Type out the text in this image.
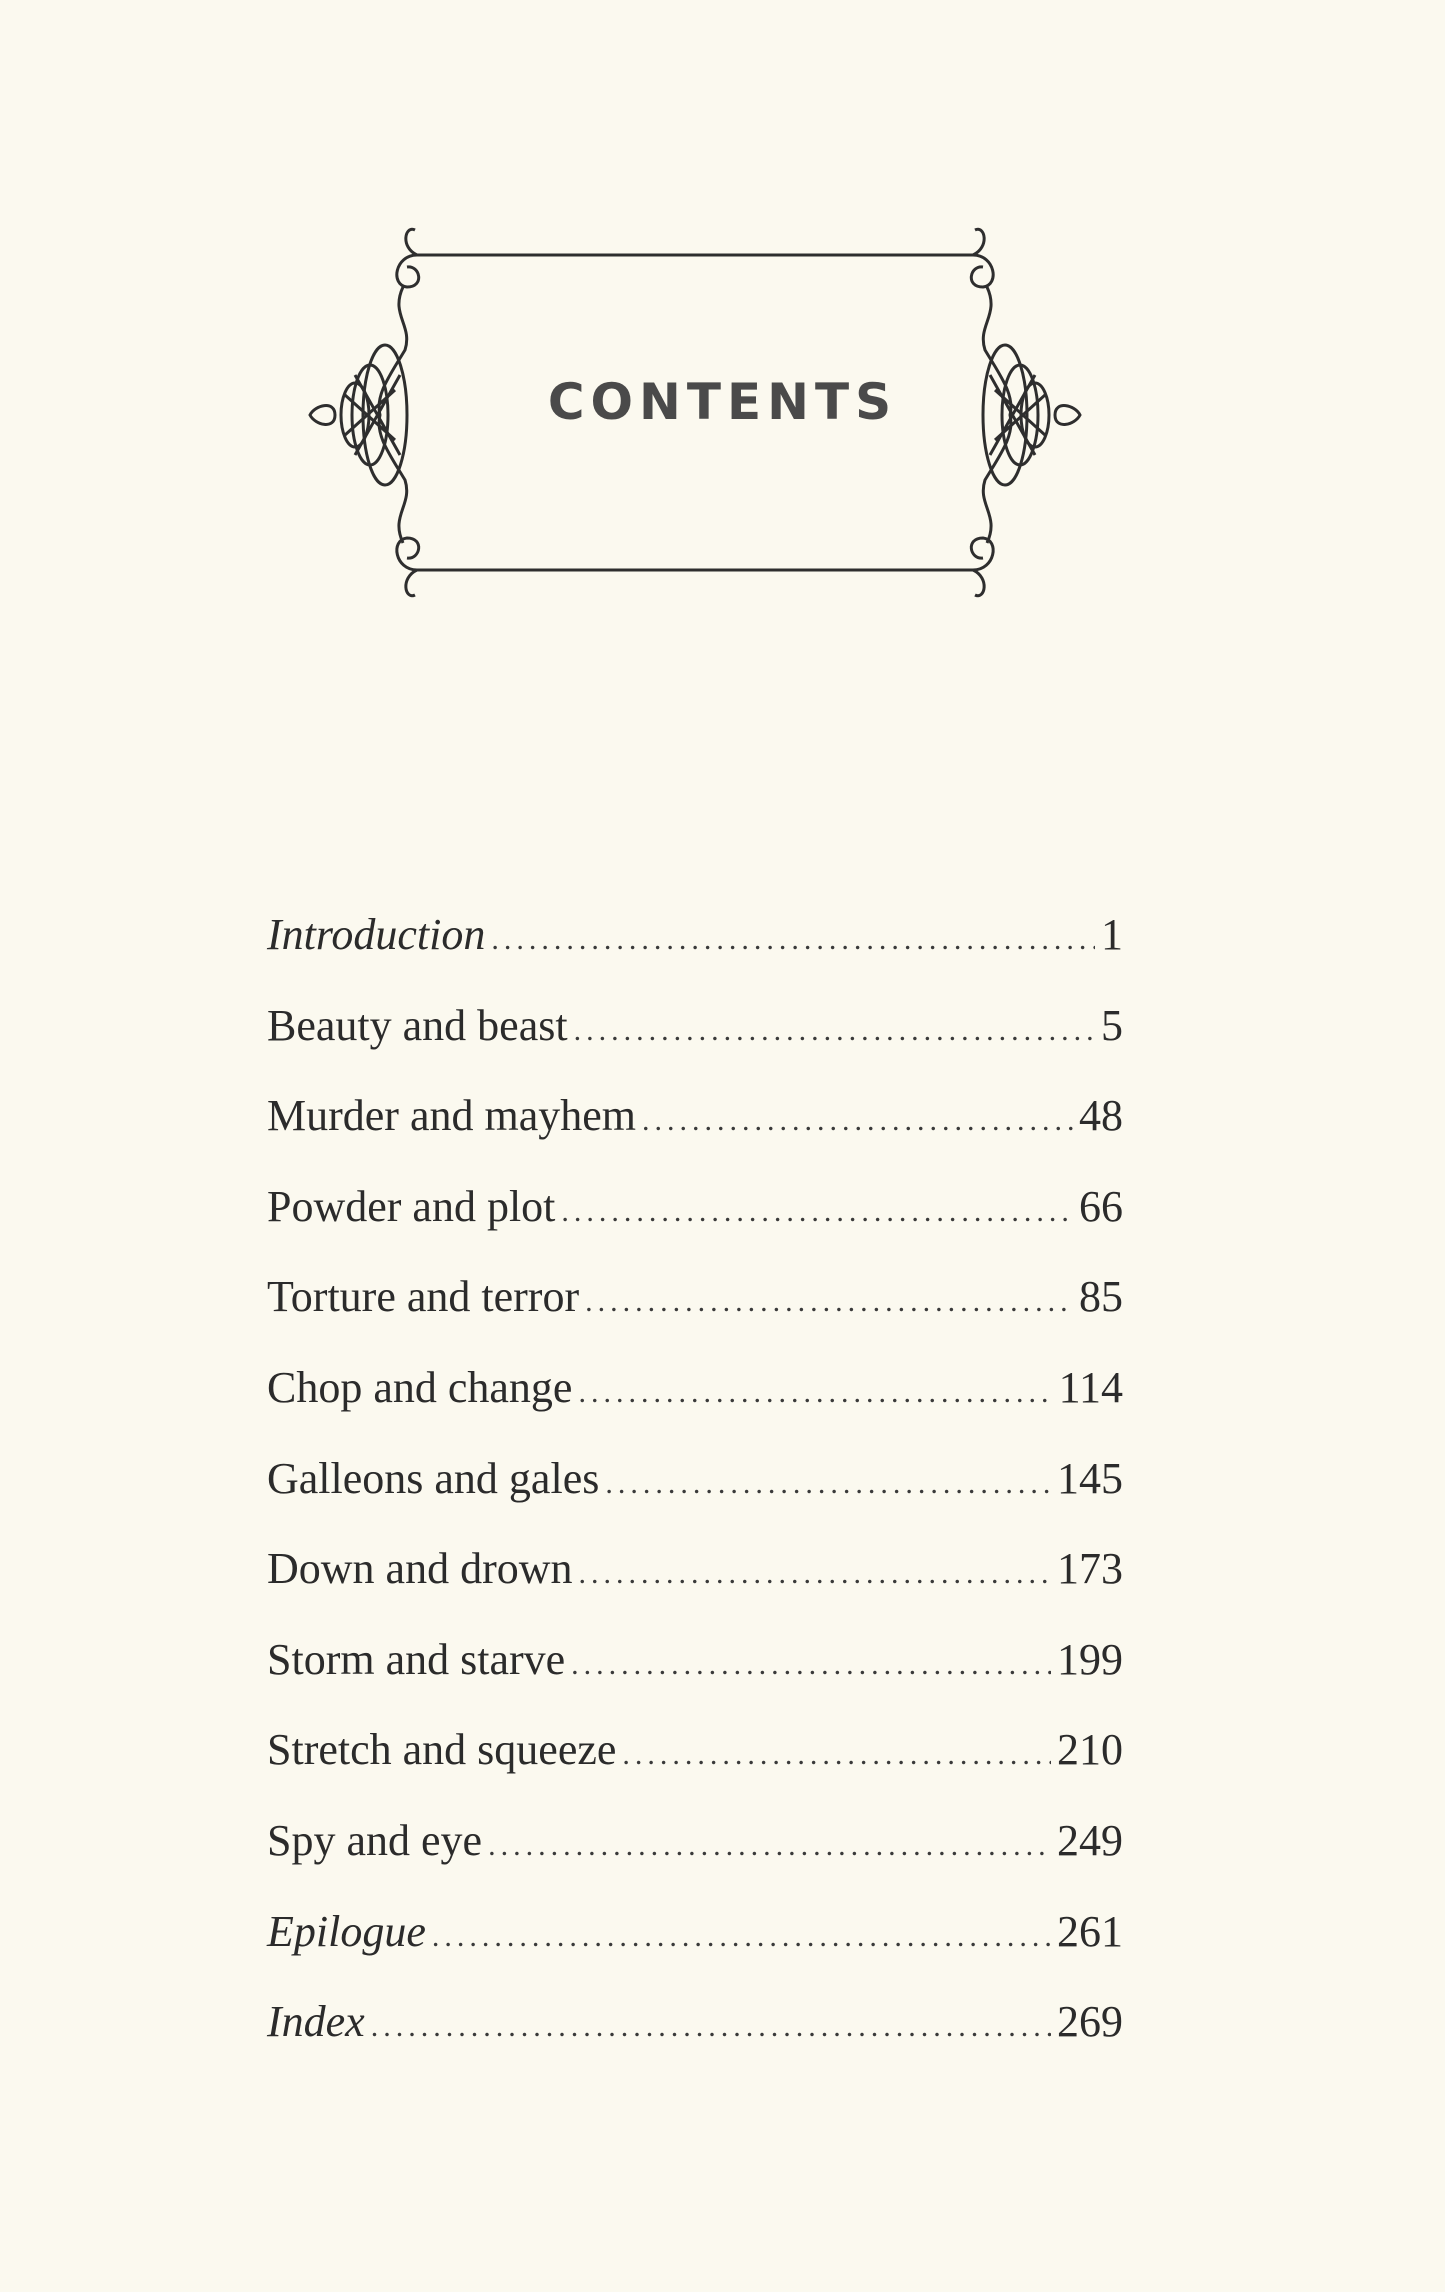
CONTENTS
Introduction .....	1
Beauty and beast .....	5
Murder and mayhem .....	48
Powder and plot .....	66
Torture and terror .....	85
Chop and change .....	114
Galleons and gales .....	145
Down and drown .....	173
Storm and starve .....	199
Stretch and squeeze .....	210
Spy and eye .....	249
Epilogue .....	261
Index .....	269
